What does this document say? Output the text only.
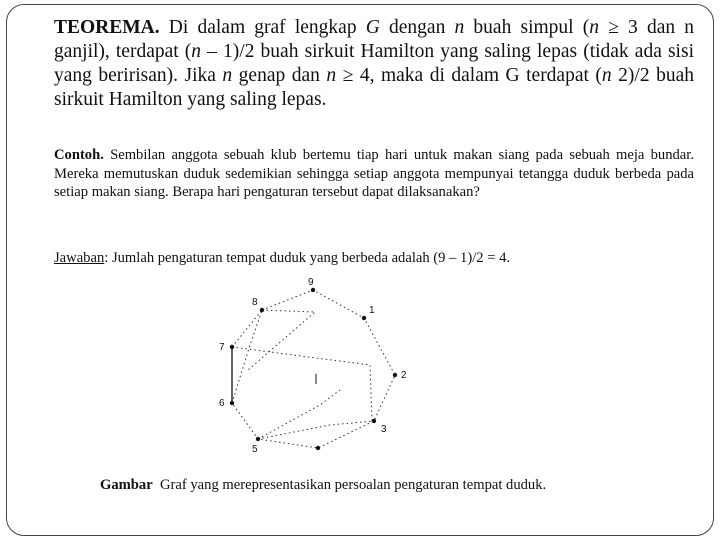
TEOREMA. Di dalam graf lengkap G dengan n buah simpul (n ≥ 3 dan n ganjil), terdapat (n – 1)/2 buah sirkuit Hamilton yang saling lepas (tidak ada sisi yang beririsan). Jika n genap dan n ≥ 4, maka di dalam G terdapat (n 2)/2 buah sirkuit Hamilton yang saling lepas.

Contoh. Sembilan anggota sebuah klub bertemu tiap hari untuk makan siang pada sebuah meja bundar. Mereka memutuskan duduk sedemikian sehingga setiap anggota mempunyai tetangga duduk berbeda pada setiap makan siang. Berapa hari pengaturan tersebut dapat dilaksanakan?

Jawaban: Jumlah pengaturan tempat duduk yang berbeda adalah (9 – 1)/2 = 4.

1
2
3
5
6
7
8
9
Gambar  Graf yang merepresentasikan persoalan pengaturan tempat duduk.
